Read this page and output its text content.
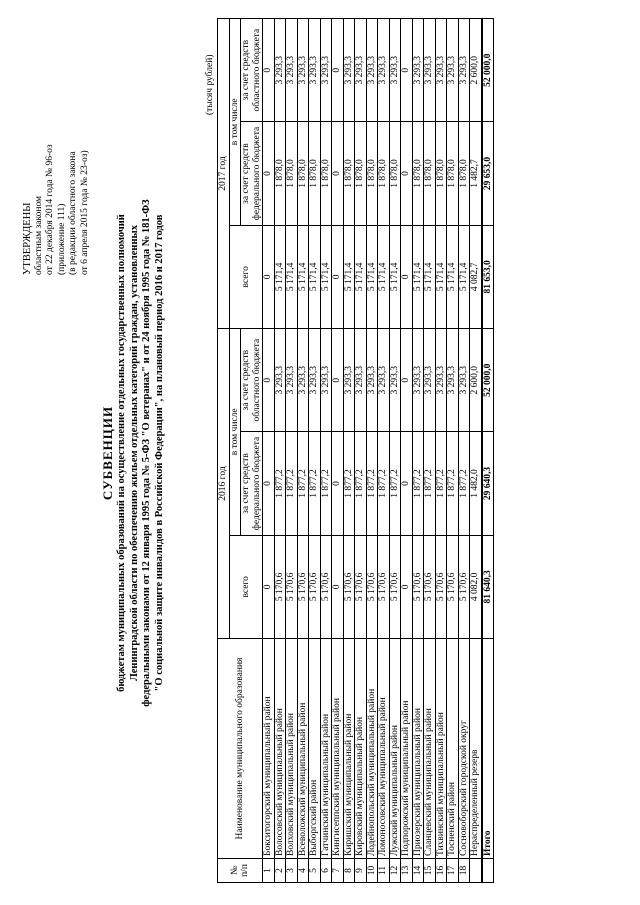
УТВЕРЖДЕНЫ областным законом от 22 декабря 2014 года № 96-оз (приложение 111) (в редакции областного закона от 6 апреля 2015 года № 23-оз)
СУБВЕНЦИИ бюджетам муниципальных образований на осуществление отдельных государственных полномочий Ленинградской области по обеспечению жильем отдельных категорий граждан, установленных федеральными законами от 12 января 1995 года № 5-ФЗ "О ветеранах" и от 24 ноября 1995 года № 181-ФЗ "О социальной защите инвалидов в Российской Федерации", на плановый период 2016 и 2017 годов
(тысяч рублей)
№ п/п	Наименование муниципального образования	2016 год			2017 год		
		всего	в том числе		всего	в том числе	
			за счет средств федерального бюджета	за счет средств областного бюджета		за счет средств федерального бюджета	за счет средств областного бюджета
1	Бокситогорский муниципальный район	0	0	0	0	0	0
2	Волосовский муниципальный район	5 170,6	1 877,2	3 293,3	5 171,4	1 878,0	3 293,3
3	Волховский муниципальный район	5 170,6	1 877,2	3 293,3	5 171,4	1 878,0	3 293,3
4	Всеволожский муниципальный район	5 170,6	1 877,2	3 293,3	5 171,4	1 878,0	3 293,3
5	Выборгский район	5 170,6	1 877,2	3 293,3	5 171,4	1 878,0	3 293,3
6	Гатчинский муниципальный район	5 170,6	1 877,2	3 293,3	5 171,4	1 878,0	3 293,3
7	Кингисеппский муниципальный район	0	0	0	0	0	0
8	Киришский муниципальный район	5 170,6	1 877,2	3 293,3	5 171,4	1 878,0	3 293,3
9	Кировский муниципальный район	5 170,6	1 877,2	3 293,3	5 171,4	1 878,0	3 293,3
10	Лодейнопольский муниципальный район	5 170,6	1 877,2	3 293,3	5 171,4	1 878,0	3 293,3
11	Ломоносовский муниципальный район	5 170,6	1 877,2	3 293,3	5 171,4	1 878,0	3 293,3
12	Лужский муниципальный район	5 170,6	1 877,2	3 293,3	5 171,4	1 878,0	3 293,3
13	Подпорожский муниципальный район	0	0	0	0	0	0
14	Приозерский муниципальный район	5 170,6	1 877,2	3 293,3	5 171,4	1 878,0	3 293,3
15	Сланцевский муниципальный район	5 170,6	1 877,2	3 293,3	5 171,4	1 878,0	3 293,3
16	Тихвинский муниципальный район	5 170,6	1 877,2	3 293,3	5 171,4	1 878,0	3 293,3
17	Тосненский район	5 170,6	1 877,2	3 293,3	5 171,4	1 878,0	3 293,3
18	Сосновоборский городской округ	5 170,6	1 877,2	3 293,3	5 171,4	1 878,0	3 293,3
	Нераспределенный резерв	4 082,0	1 482,0	2 600,0	4 082,7	1 482,7	2 600,0
	Итого	81 640,3	29 640,3	52 000,0	81 653,0	29 653,0	52 000,0
